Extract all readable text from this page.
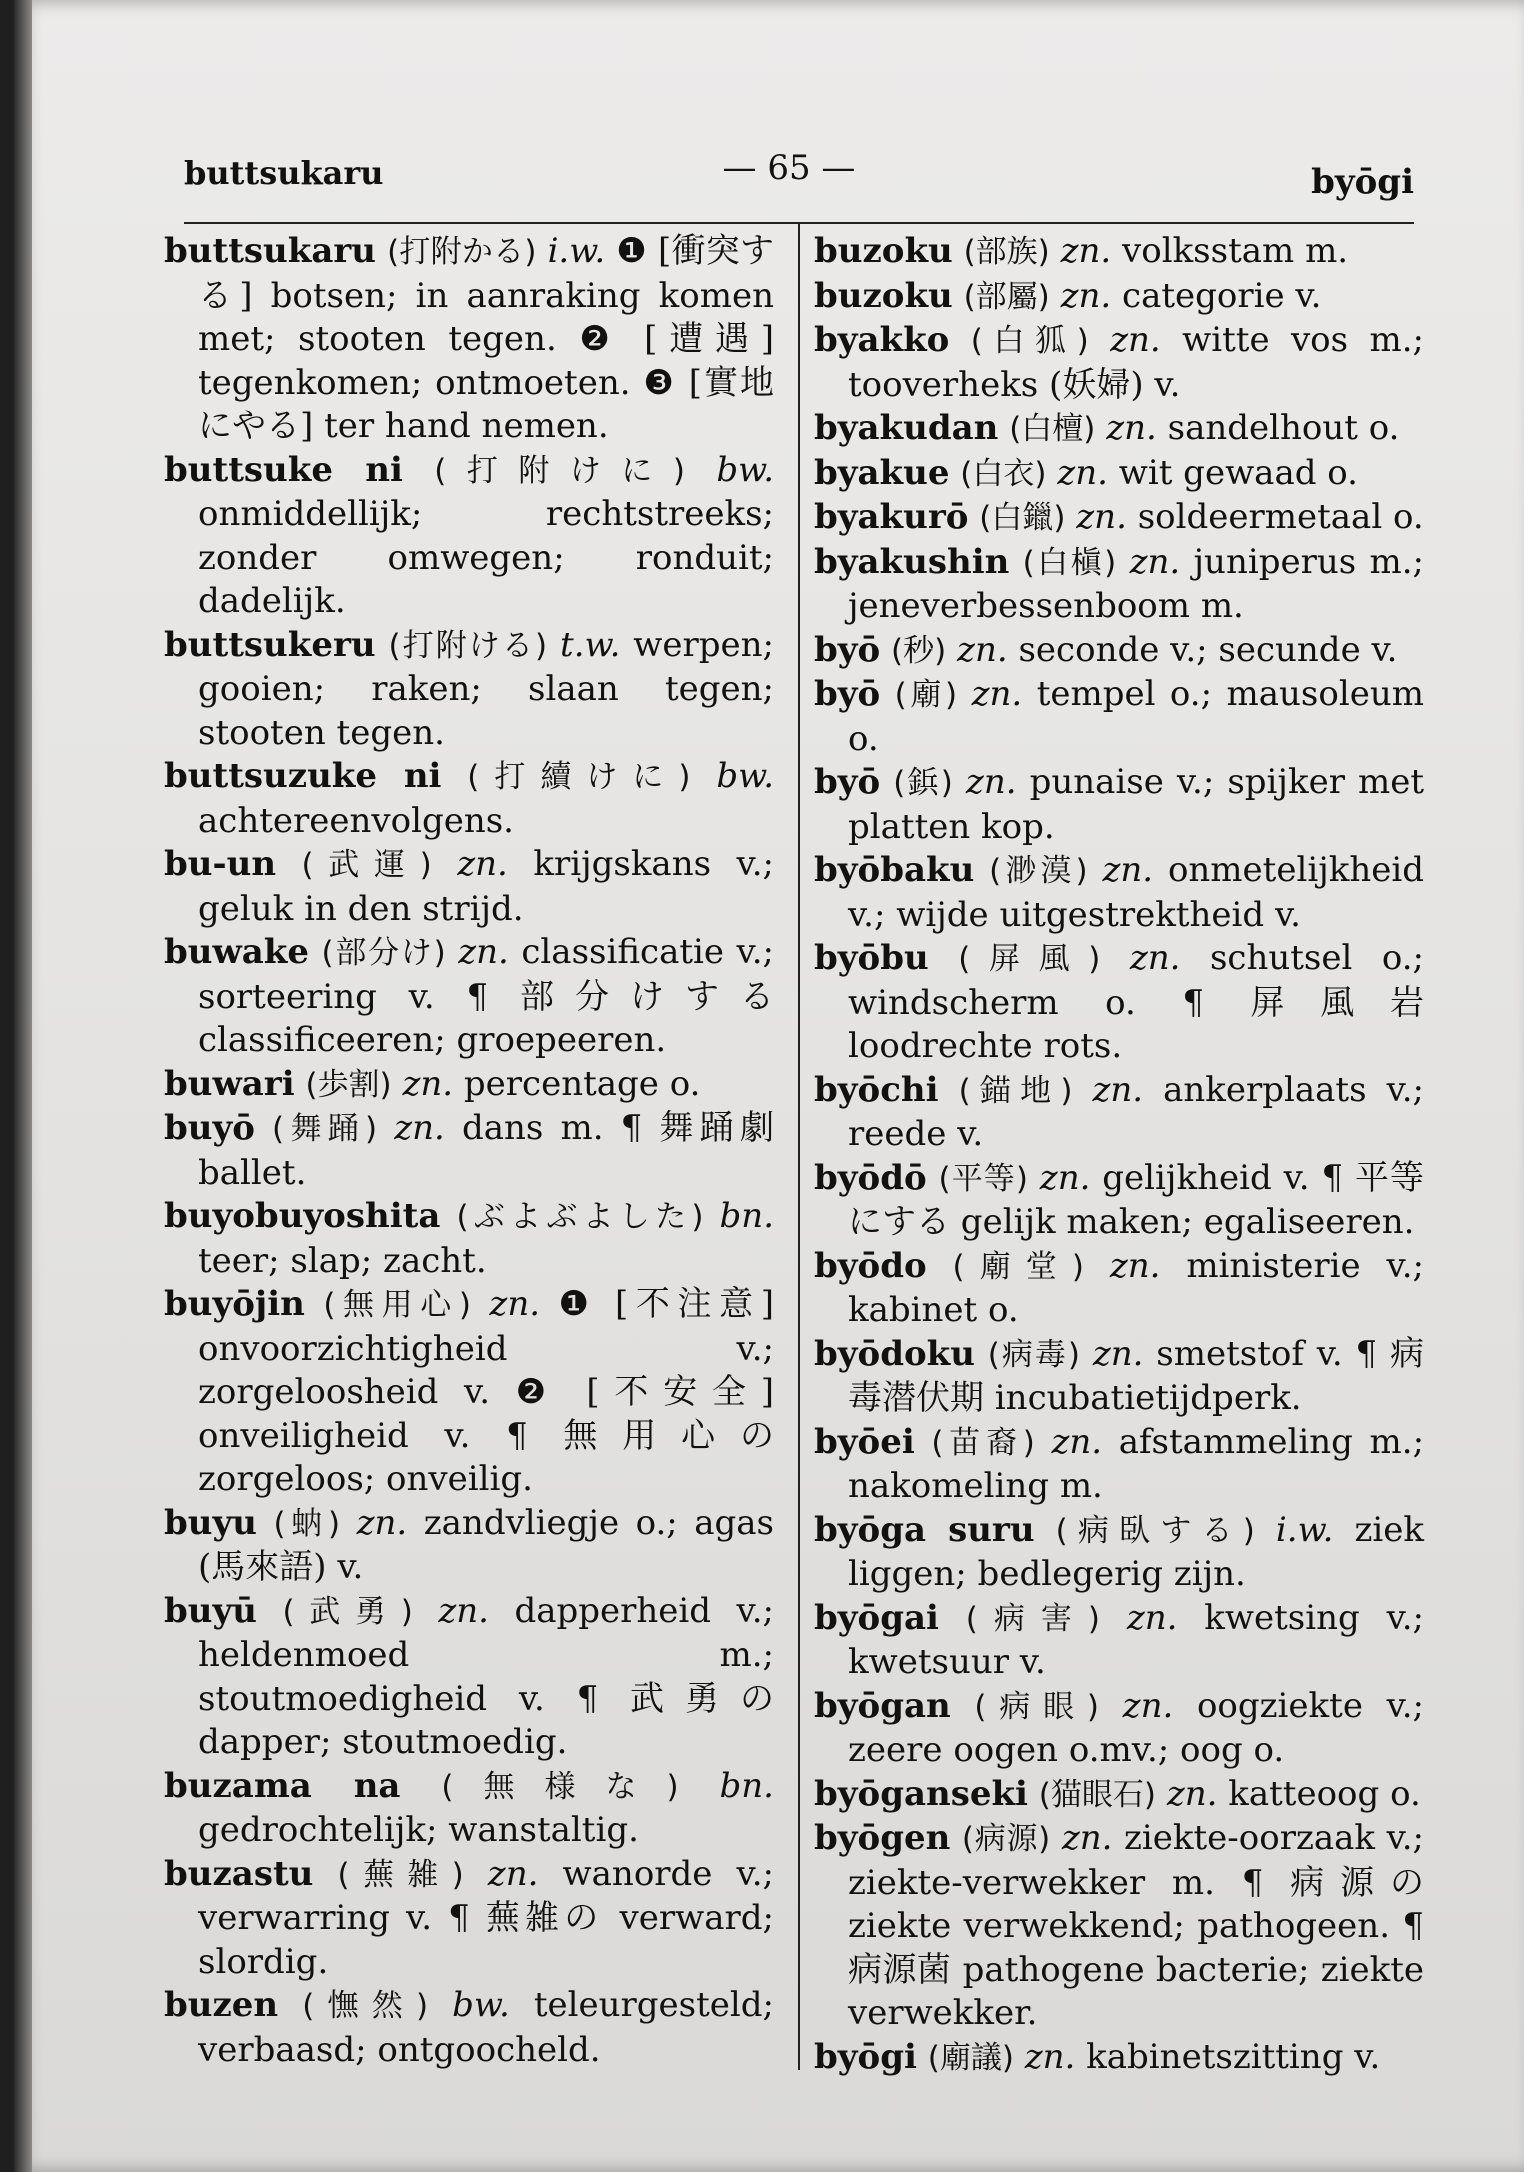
buttsukaru	— 65 —	byōgi

buttsukaru (打附かる) i.w. ❶ [衝突する] botsen; in aanraking komen met; stooten tegen. ❷ [遭遇] tegenkomen; ontmoeten. ❸ [實地にやる] ter hand nemen.

buttsuke ni (打附けに) bw. onmiddellijk; rechtstreeks; zonder omwegen; ronduit; dadelijk.

buttsukeru (打附ける) t.w. werpen; gooien; raken; slaan tegen; stooten tegen.

buttsuzuke ni (打續けに) bw. achtereenvolgens.

bu-un (武運) zn. krijgskans v.; geluk in den strijd.

buwake (部分け) zn. classificatie v.; sorteering v. ¶ 部分けする classificeeren; groepeeren.

buwari (歩割) zn. percentage o.

buyō (舞踊) zn. dans m. ¶ 舞踊劇 ballet.

buyobuyoshita (ぶよぶよした) bn. teer; slap; zacht.

buyōjin (無用心) zn. ❶ [不注意] onvoorzichtigheid v.; zorgeloosheid v. ❷ [不安全] onveiligheid v. ¶ 無用心の zorgeloos; onveilig.

buyu (蚋) zn. zandvliegje o.; agas (馬來語) v.

buyū (武勇) zn. dapperheid v.; heldenmoed m.; stoutmoedigheid v. ¶ 武勇の dapper; stoutmoedig.

buzama na (無様な) bn. gedrochtelijk; wanstaltig.

buzastu (蕪雑) zn. wanorde v.; verwarring v. ¶ 蕪雑の verward; slordig.

buzen (憮然) bw. teleurgesteld; verbaasd; ontgoocheld.

buzoku (部族) zn. volksstam m.

buzoku (部屬) zn. categorie v.

byakko (白狐) zn. witte vos m.; tooverheks (妖婦) v.

byakudan (白檀) zn. sandelhout o.

byakue (白衣) zn. wit gewaad o.

byakurō (白鑞) zn. soldeermetaal o.

byakushin (白槇) zn. juniperus m.; jeneverbessenboom m.

byō (秒) zn. seconde v.; secunde v.

byō (廟) zn. tempel o.; mausoleum o.

byō (鋲) zn. punaise v.; spijker met platten kop.

byōbaku (渺漠) zn. onmetelijkheid v.; wijde uitgestrektheid v.

byōbu (屏風) zn. schutsel o.; windscherm o. ¶ 屏風岩 loodrechte rots.

byōchi (錨地) zn. ankerplaats v.; reede v.

byōdō (平等) zn. gelijkheid v. ¶ 平等にする gelijk maken; egaliseeren.

byōdo (廟堂) zn. ministerie v.; kabinet o.

byōdoku (病毒) zn. smetstof v. ¶ 病毒潜伏期 incubatietijdperk.

byōei (苗裔) zn. afstammeling m.; nakomeling m.

byōga suru (病臥する) i.w. ziek liggen; bedlegerig zijn.

byōgai (病害) zn. kwetsing v.; kwetsuur v.

byōgan (病眼) zn. oogziekte v.; zeere oogen o.mv.; oog o.

byōganseki (猫眼石) zn. katteoog o.

byōgen (病源) zn. ziekte-oorzaak v.; ziekte-verwekker m. ¶ 病源の ziekte verwekkend; pathogeen. ¶ 病源菌 pathogene bacterie; ziekte verwekker.

byōgi (廟議) zn. kabinetszitting v.
